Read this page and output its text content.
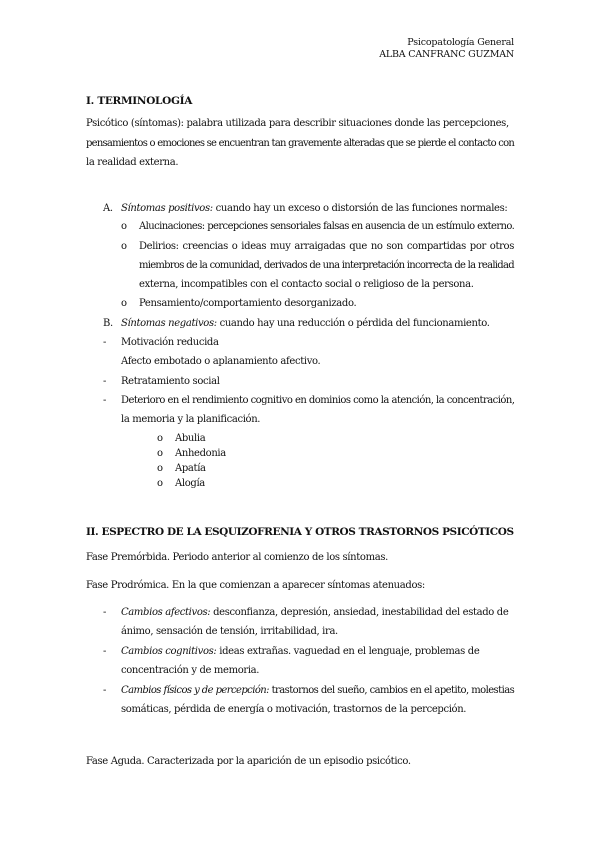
Psicopatología General
ALBA CANFRANC GUZMAN
I. TERMINOLOGÍA
Psicótico (síntomas): palabra utilizada para describir situaciones donde las percepciones,
pensamientos o emociones se encuentran tan gravemente alteradas que se pierde el contacto con
la realidad externa.
A. Síntomas positivos: cuando hay un exceso o distorsión de las funciones normales:
o Alucinaciones: percepciones sensoriales falsas en ausencia de un estímulo externo.
o Delirios: creencias o ideas muy arraigadas que no son compartidas por otros
miembros de la comunidad, derivados de una interpretación incorrecta de la realidad
externa, incompatibles con el contacto social o religioso de la persona.
o Pensamiento/comportamiento desorganizado.
B. Síntomas negativos: cuando hay una reducción o pérdida del funcionamiento.
- Motivación reducida
Afecto embotado o aplanamiento afectivo.
- Retratamiento social
- Deterioro en el rendimiento cognitivo en dominios como la atención, la concentración,
la memoria y la planificación.
o Abulia
o Anhedonia
o Apatía
o Alogía
II. ESPECTRO DE LA ESQUIZOFRENIA Y OTROS TRASTORNOS PSICÓTICOS
Fase Premórbida. Periodo anterior al comienzo de los síntomas.
Fase Prodrómica. En la que comienzan a aparecer síntomas atenuados:
- Cambios afectivos: desconfianza, depresión, ansiedad, inestabilidad del estado de
ánimo, sensación de tensión, irritabilidad, ira.
- Cambios cognitivos: ideas extrañas. vaguedad en el lenguaje, problemas de
concentración y de memoria.
- Cambios físicos y de percepción: trastornos del sueño, cambios en el apetito, molestias
somáticas, pérdida de energía o motivación, trastornos de la percepción.
Fase Aguda. Caracterizada por la aparición de un episodio psicótico.
